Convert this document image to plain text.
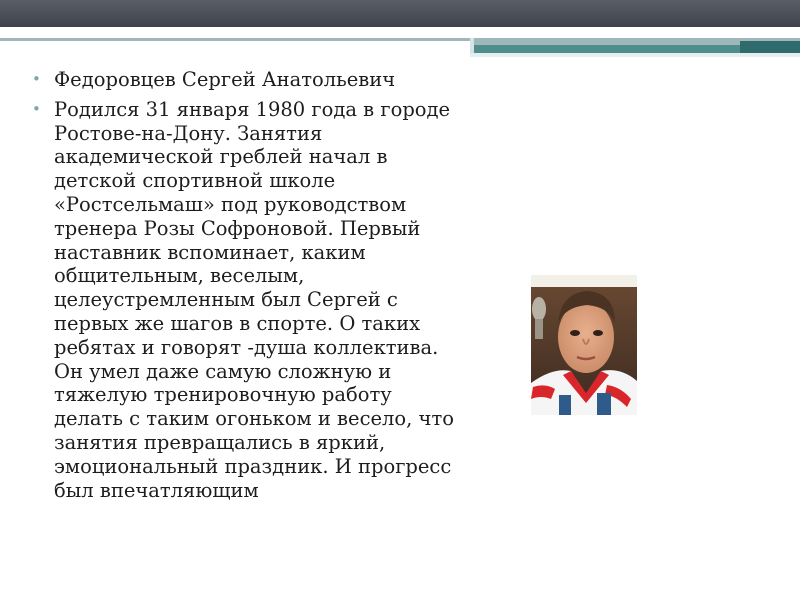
• Федоровцев Сергей Анатольевич
• Родился 31 января 1980 года в городе Ростове-на-Дону. Занятия академической греблей начал в детской спортивной школе «Ростсельмаш» под руководством тренера Розы Софроновой. Первый наставник вспоминает, каким общительным, веселым, целеустремленным был Сергей с первых же шагов в спорте. О таких ребятах и говорят -душа коллектива. Он умел даже самую сложную и тяжелую тренировочную работу делать с таким огоньком и весело, что занятия превращались в яркий, эмоциональный праздник. И прогресс был впечатляющим
